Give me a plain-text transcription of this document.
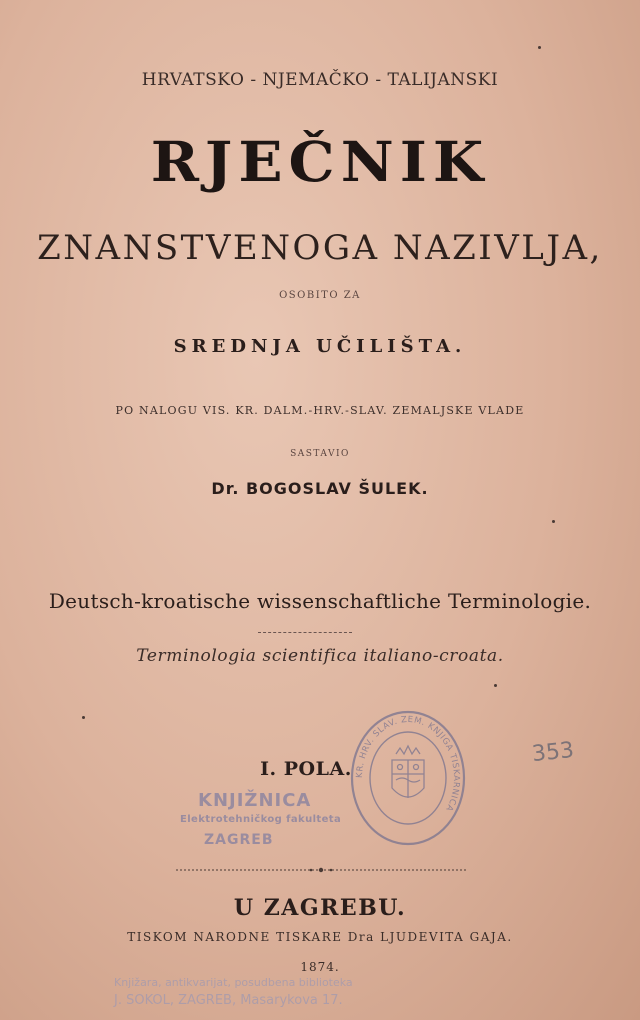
HRVATSKO - NJEMAČKO - TALIJANSKI
RJEČNIK
ZNANSTVENOGA NAZIVLJA,
OSOBITO ZA
SREDNJA UČILIŠTA.
PO NALOGU VIS. KR. DALM.-HRV.-SLAV. ZEMALJSKE VLADE
SASTAVIO
Dr. BOGOSLAV ŠULEK.
Deutsch-kroatische wissenschaftliche Terminologie.
Terminologia scientifica italiano-croata.
I. POLA.
KNJIŽNICA
Elektrotehničkog fakulteta
ZAGREB
KR. HRV. SLAV. ZEM. KNJIGA TISKARNICA
353
U ZAGREBU.
TISKOM NARODNE TISKARE Dra LJUDEVITA GAJA.
1874.
Knjižara, antikvarijat, posudbena biblioteka
J. SOKOL, ZAGREB, Masarykova 17.
